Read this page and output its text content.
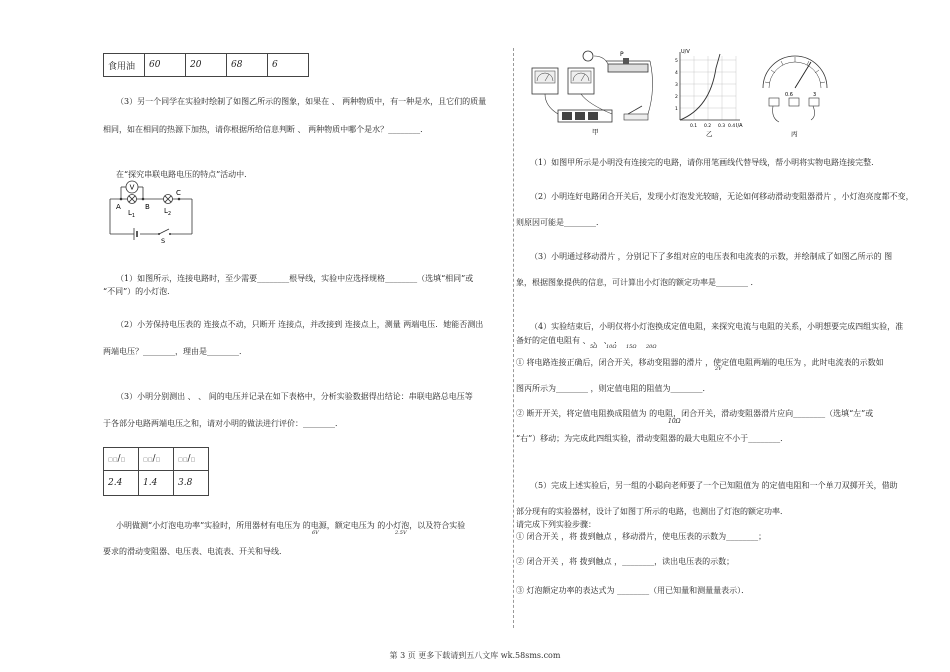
食用油	60	20	68	6
（3）另一个同学在实验时绘制了如图乙所示的图象，如果在 、 两种物质中，有一种是水，且它们的质量
相同，如在相同的热源下加热，请你根据所给信息判断 、 两种物质中哪个是水？________．
在“探究串联电路电压的特点”活动中．
V
A	B
C
$L_1$
$L_2$
S
（1）如图所示，连接电路时，至少需要________根导线，实验中应选择规格________（选填“相同”或
“不同”）的小灯泡．
（2）小芳保持电压表的 连接点不动，只断开 连接点，并改接到 连接点上，测量 两端电压．她能否测出
两端电压？________，理由是________．
（3）小明分别测出 、 、 间的电压并记录在如下表格中，分析实验数据得出结论：串联电路总电压等
于各部分电路两端电压之和，请对小明的做法进行评价：________．
□□/□	□□/□	□□/□
2.4	1.4	3.8
小明做测“小灯泡电功率”实验时，所用器材有电压为 的电源，额定电压为 的小灯泡，以及符合实验
6V	2.5V
要求的滑动变阻器、电压表、电流表、开关和导线．
P
甲
U/V
I/A
0.1 0.2 0.3 0.4
1
2
3
4
5
乙
0.6	3
丙
（1）如图甲所示是小明没有连接完的电路，请你用笔画线代替导线，帮小明将实物电路连接完整．
（2）小明连好电路闭合开关后，发现小灯泡发光较暗，无论如何移动滑动变阻器滑片 ，小灯泡亮度都不变，
则原因可能是________．
（3）小明通过移动滑片 ，分别记下了多组对应的电压表和电流表的示数，并绘制成了如图乙所示的 图
象，根据图象提供的信息，可计算出小灯泡的额定功率是________ ．
（4）实验结束后，小明仅将小灯泡换成定值电阻，来探究电流与电阻的关系，小明想要完成四组实验，准
备好的定值电阻有 、 、 、 ．
5Ω 10Ω 15Ω 20Ω
① 将电路连接正确后，闭合开关，移动变阻器的滑片 ，使定值电阻两端的电压为 ，此时电流表的示数如
2V
图丙所示为________ ，则定值电阻的阻值为________．
② 断开开关，将定值电阻换成阻值为 的电阻，闭合开关，滑动变阻器滑片应向________（选填“左”或
10Ω
“右”）移动；为完成此四组实验，滑动变阻器的最大电阻应不小于________．
（5）完成上述实验后，另一组的小聪向老师要了一个已知阻值为 的定值电阻和一个单刀双掷开关，借助
部分现有的实验器材，设计了如图丁所示的电路，也测出了灯泡的额定功率．
请完成下列实验步骤：
① 闭合开关 ，将 拨到触点 ，移动滑片，使电压表的示数为________；
② 闭合开关 ，将 拨到触点 ，________，读出电压表的示数；
③ 灯泡额定功率的表达式为 ________（用已知量和测量量表示）．
第 3 页 更多下载请到五八文库 wk.58sms.com
